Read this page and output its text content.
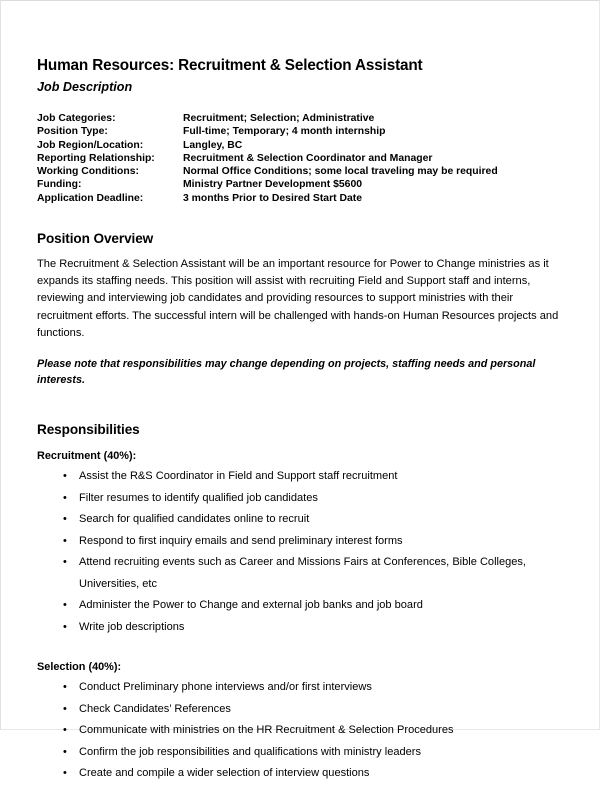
Human Resources: Recruitment & Selection Assistant
Job Description
Job Categories:	Recruitment; Selection; Administrative
Position Type:	Full-time; Temporary; 4 month internship
Job Region/Location:	Langley, BC
Reporting Relationship:	Recruitment & Selection Coordinator and Manager
Working Conditions:	Normal Office Conditions; some local traveling may be required
Funding:	Ministry Partner Development $5600
Application Deadline:	3 months Prior to Desired Start Date
Position Overview

The Recruitment & Selection Assistant will be an important resource for Power to Change ministries as it expands its staffing needs. This position will assist with recruiting Field and Support staff and interns, reviewing and interviewing job candidates and providing resources to support ministries with their recruitment efforts. The successful intern will be challenged with hands-on Human Resources projects and functions.

Please note that responsibilities may change depending on projects, staffing needs and personal interests.

Responsibilities
Recruitment (40%):
• Assist the R&S Coordinator in Field and Support staff recruitment
• Filter resumes to identify qualified job candidates
• Search for qualified candidates online to recruit
• Respond to first inquiry emails and send preliminary interest forms
• Attend recruiting events such as Career and Missions Fairs at Conferences, Bible Colleges, Universities, etc
• Administer the Power to Change and external job banks and job board
• Write job descriptions
Selection (40%):
• Conduct Preliminary phone interviews and/or first interviews
• Check Candidates’ References
• Communicate with ministries on the HR Recruitment & Selection Procedures
• Confirm the job responsibilities and qualifications with ministry leaders
• Create and compile a wider selection of interview questions
